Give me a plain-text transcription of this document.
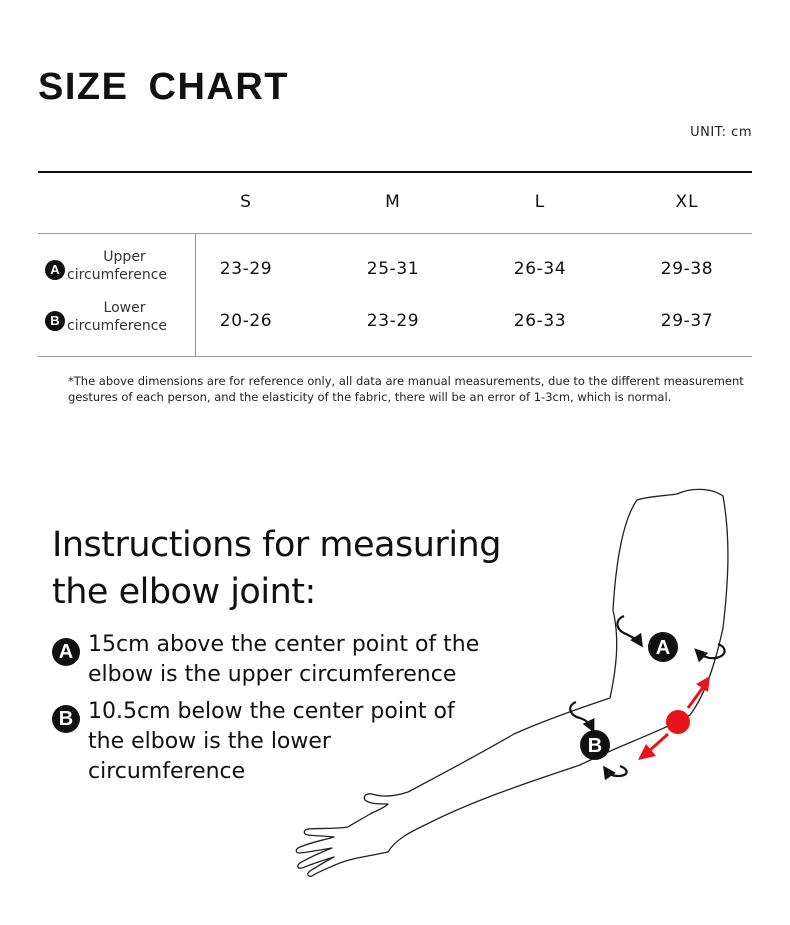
SIZE CHART
UNIT: cm
S	M	L	XL
A
Upper
circumference	23-29	25-31	26-34	29-38
B
Lower
circumference	20-26	23-29	26-33	29-37
*The above dimensions are for reference only, all data are manual measurements, due to the different measurement gestures of each person, and the elasticity of the fabric, there will be an error of 1-3cm, which is normal.
Instructions for measuring
the elbow joint:
A 15cm above the center point of the
elbow is the upper circumference
B 10.5cm below the center point of
the elbow is the lower
circumference
A
B
